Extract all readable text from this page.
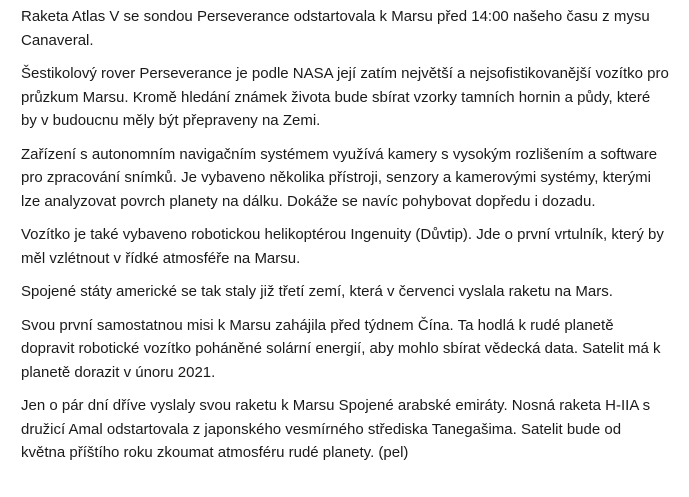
Raketa Atlas V se sondou Perseverance odstartovala k Marsu před 14:00 našeho času z mysu Canaveral.

Šestikolový rover Perseverance je podle NASA její zatím největší a nejsofistikovanější vozítko pro průzkum Marsu. Kromě hledání známek života bude sbírat vzorky tamních hornin a půdy, které by v budoucnu měly být přepraveny na Zemi.

Zařízení s autonomním navigačním systémem využívá kamery s vysokým rozlišením a software pro zpracování snímků. Je vybaveno několika přístroji, senzory a kamerovými systémy, kterými lze analyzovat povrch planety na dálku. Dokáže se navíc pohybovat dopředu i dozadu.

Vozítko je také vybaveno robotickou helikoptérou Ingenuity (Důvtip). Jde o první vrtulník, který by měl vzlétnout v řídké atmosféře na Marsu.

Spojené státy americké se tak staly již třetí zemí, která v červenci vyslala raketu na Mars.

Svou první samostatnou misi k Marsu zahájila před týdnem Čína. Ta hodlá k rudé planetě dopravit robotické vozítko poháněné solární energií, aby mohlo sbírat vědecká data. Satelit má k planetě dorazit v únoru 2021.

Jen o pár dní dříve vyslaly svou raketu k Marsu Spojené arabské emiráty. Nosná raketa H-IIA s družicí Amal odstartovala z japonského vesmírného střediska Tanegašima. Satelit bude od května příštího roku zkoumat atmosféru rudé planety. (pel)
